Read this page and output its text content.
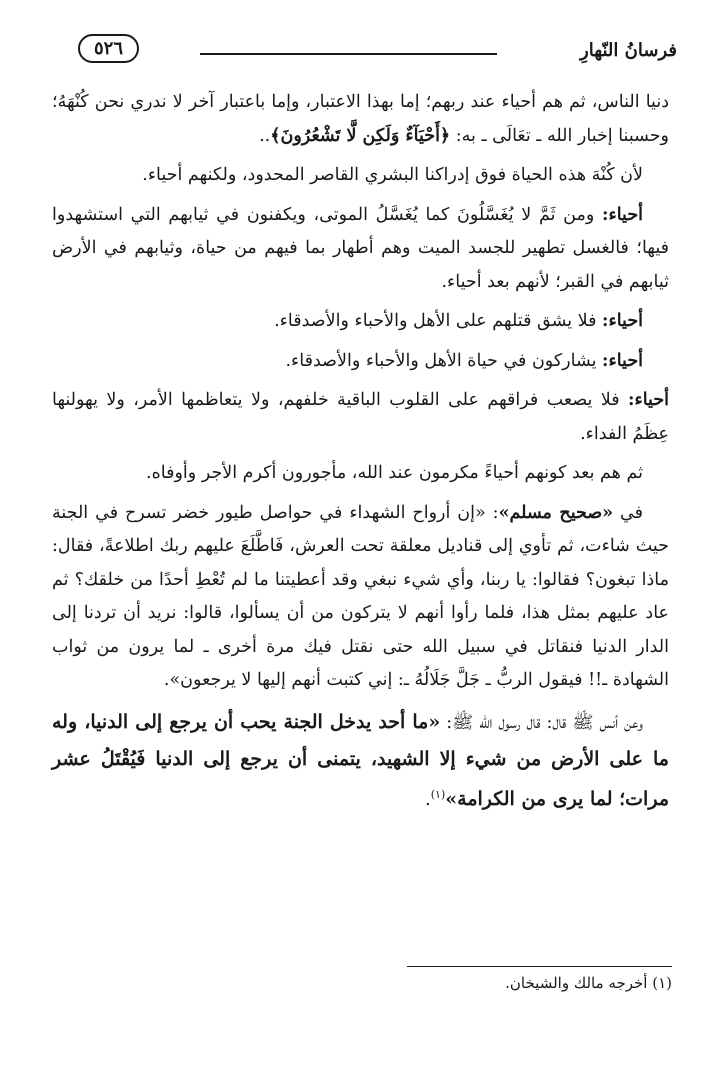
فرسانُ النّهارِ
٥٢٦

دنيا الناس، ثم هم أحياء عند ربهم؛ إما بهذا الاعتبار، وإما باعتبار آخر لا ندري نحن كُنْهَهُ؛ وحسبنا إخبار الله ـ تعَالَى ـ به: ﴿أَحْيَآءٌ وَلَكِن لَّا تَشْعُرُونَ﴾..

لأن كُنْهَ هذه الحياة فوق إدراكنا البشري القاصر المحدود، ولكنهم أحياء.

أحياء: ومن ثَمَّ لا يُغَسَّلُونَ كما يُغَسَّلُ الموتى، ويكفنون في ثيابهم التي استشهدوا فيها؛ فالغسل تطهير للجسد الميت وهم أطهار بما فيهم من حياة، وثيابهم في الأرض ثيابهم في القبر؛ لأنهم بعد أحياء.

أحياء: فلا يشق قتلهم على الأهل والأحباء والأصدقاء.

أحياء: يشاركون في حياة الأهل والأحباء والأصدقاء.

أحياء: فلا يصعب فراقهم على القلوب الباقية خلفهم، ولا يتعاظمها الأمر، ولا يهولنها عِظَمُ الفداء.

ثم هم بعد كونهم أحياءً مكرمون عند الله، مأجورون أكرم الأجر وأوفاه.

في «صحيح مسلم»: «إن أرواح الشهداء في حواصل طيور خضر تسرح في الجنة حيث شاءت، ثم تأوي إلى قناديل معلقة تحت العرش، فَاطَّلَعَ عليهم ربك اطلاعةً، فقال: ماذا تبغون؟ فقالوا: يا ربنا، وأي شيء نبغي وقد أعطيتنا ما لم تُعْطِ أحدًا من خلقك؟ ثم عاد عليهم بمثل هذا، فلما رأوا أنهم لا يتركون من أن يسألوا، قالوا: نريد أن تردنا إلى الدار الدنيا فنقاتل في سبيل الله حتى نقتل فيك مرة أخرى ـ لما يرون من ثواب الشهادة ـ!! فيقول الربُّ ـ جَلَّ جَلَالُهُ ـ: إني كتبت أنهم إليها لا يرجعون».

وعن أنس ﷺ قال: قال رسول الله ﷺ: «ما أحد يدخل الجنة يحب أن يرجع إلى الدنيا، وله ما على الأرض من شيء إلا الشهيد، يتمنى أن يرجع إلى الدنيا فَيُقْتَلُ عشر مرات؛ لما يرى من الكرامة»$^{(١)}$.

(١) أخرجه مالك والشيخان.
